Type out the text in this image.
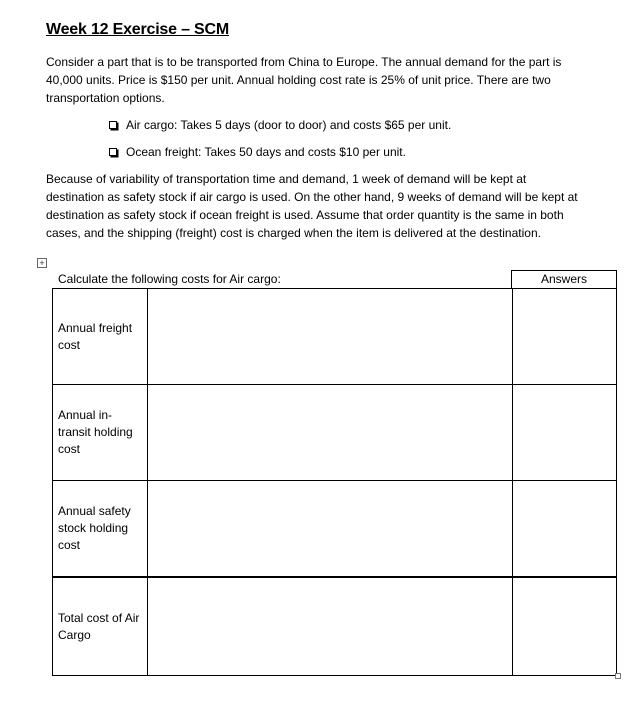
Week 12 Exercise – SCM

Consider a part that is to be transported from China to Europe. The annual demand for the part is 40,000 units. Price is $150 per unit. Annual holding cost rate is 25% of unit price. There are two transportation options.

Air cargo: Takes 5 days (door to door) and costs $65 per unit.
Ocean freight: Takes 50 days and costs $10 per unit.

Because of variability of transportation time and demand, 1 week of demand will be kept at destination as safety stock if air cargo is used. On the other hand, 9 weeks of demand will be kept at destination as safety stock if ocean freight is used. Assume that order quantity is the same in both cases, and the shipping (freight) cost is charged when the item is delivered at the destination.

+
Calculate the following costs for Air cargo:	Answers
Annual freight cost
Annual in-transit holding cost
Annual safety stock holding cost
Total cost of Air Cargo
